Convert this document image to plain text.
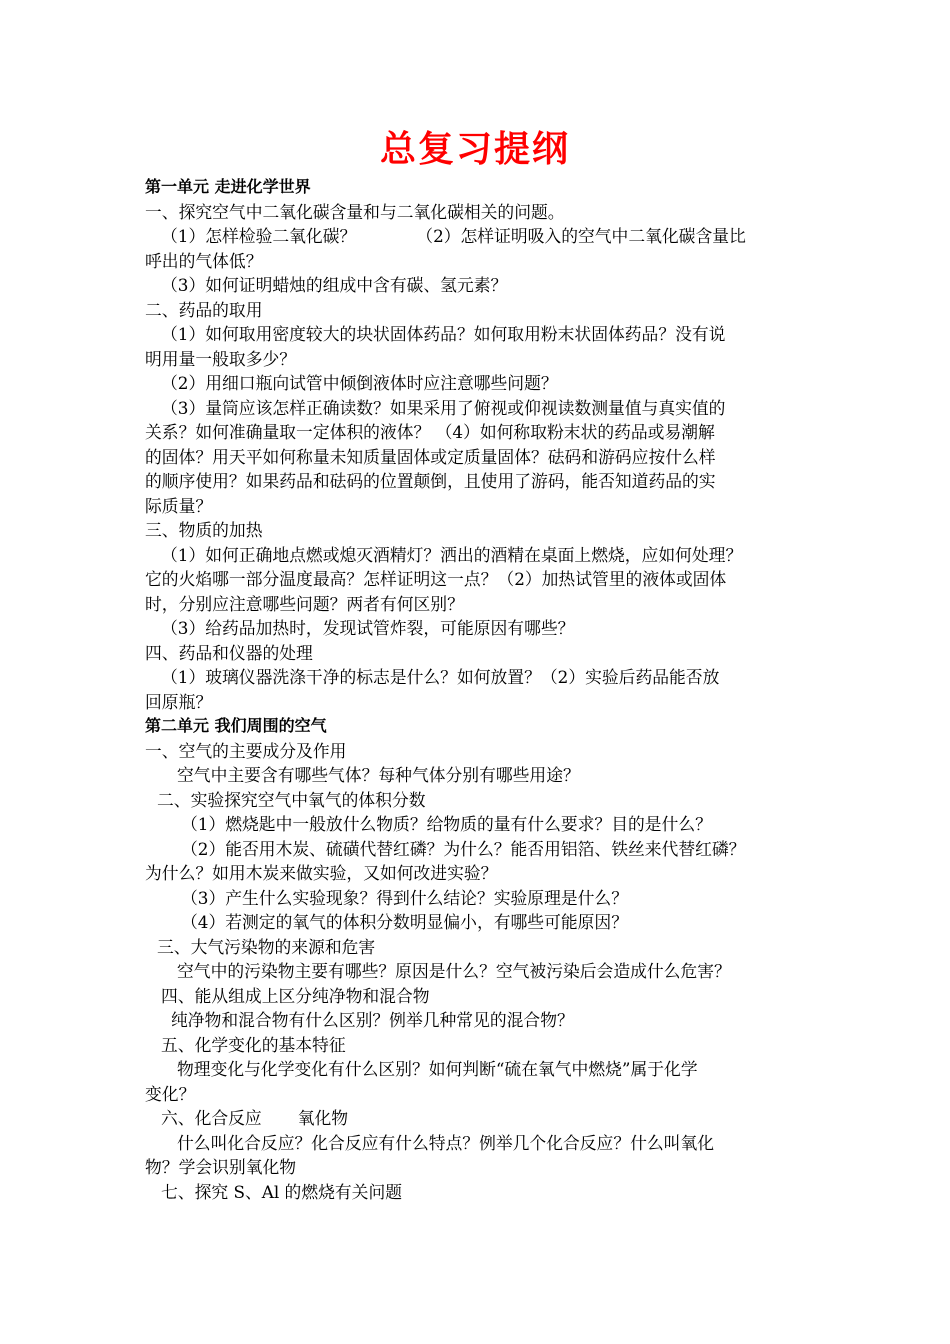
总复习提纲
第一单元 走进化学世界
一、探究空气中二氧化碳含量和与二氧化碳相关的问题。
（1）怎样检验二氧化碳？	（2）怎样证明吸入的空气中二氧化碳含量比
呼出的气体低？
（3）如何证明蜡烛的组成中含有碳、氢元素？
二、药品的取用
（1）如何取用密度较大的块状固体药品？如何取用粉末状固体药品？没有说
明用量一般取多少？
（2）用细口瓶向试管中倾倒液体时应注意哪些问题？
（3）量筒应该怎样正确读数？如果采用了俯视或仰视读数测量值与真实值的
关系？如何准确量取一定体积的液体？ （4）如何称取粉末状的药品或易潮解
的固体？用天平如何称量未知质量固体或定质量固体？砝码和游码应按什么样
的顺序使用？如果药品和砝码的位置颠倒，且使用了游码，能否知道药品的实
际质量？
三、物质的加热
（1）如何正确地点燃或熄灭酒精灯？洒出的酒精在桌面上燃烧，应如何处理？
它的火焰哪一部分温度最高？怎样证明这一点？（2）加热试管里的液体或固体
时，分别应注意哪些问题？两者有何区别？
（3）给药品加热时，发现试管炸裂，可能原因有哪些？
四、药品和仪器的处理
（1）玻璃仪器洗涤干净的标志是什么？如何放置？（2）实验后药品能否放
回原瓶？
第二单元 我们周围的空气
一、空气的主要成分及作用
空气中主要含有哪些气体？每种气体分别有哪些用途？
二、实验探究空气中氧气的体积分数
（1）燃烧匙中一般放什么物质？给物质的量有什么要求？目的是什么？
（2）能否用木炭、硫磺代替红磷？为什么？能否用铝箔、铁丝来代替红磷？
为什么？如用木炭来做实验，又如何改进实验？
（3）产生什么实验现象？得到什么结论？实验原理是什么？
（4）若测定的氧气的体积分数明显偏小，有哪些可能原因？
三、大气污染物的来源和危害
空气中的污染物主要有哪些？原因是什么？空气被污染后会造成什么危害？
四、能从组成上区分纯净物和混合物
纯净物和混合物有什么区别？例举几种常见的混合物？
五、化学变化的基本特征
物理变化与化学变化有什么区别？如何判断“硫在氧气中燃烧”属于化学
变化？
六、化合反应 氧化物
什么叫化合反应？化合反应有什么特点？例举几个化合反应？什么叫氧化
物？学会识别氧化物
七、探究 S、Al 的燃烧有关问题
